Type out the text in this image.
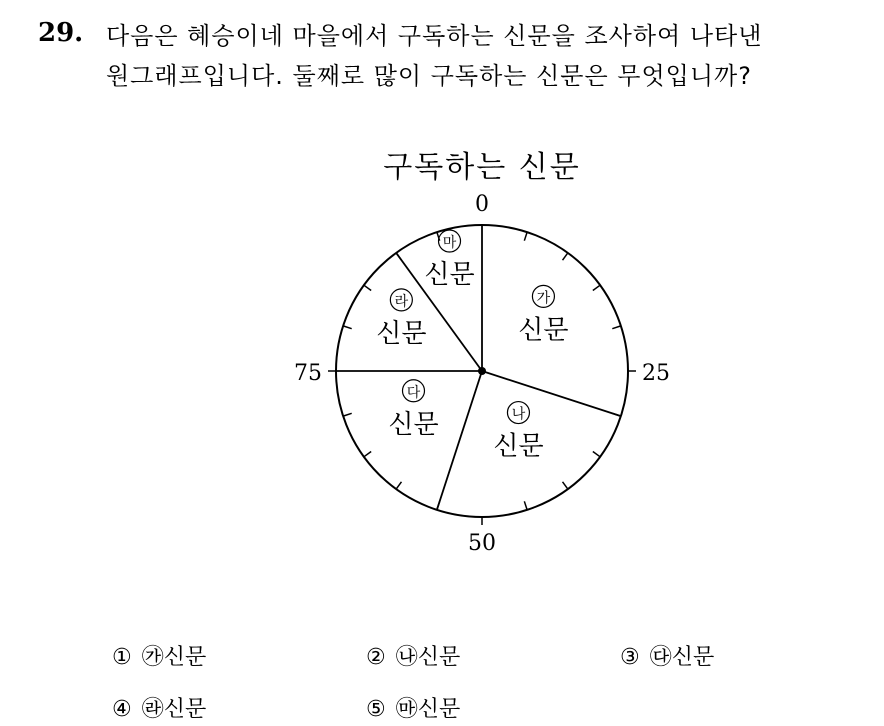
29. 다음은 혜승이네 마을에서 구독하는 신문을 조사하여 나타낸
원그래프입니다. 둘째로 많이 구독하는 신문은 무엇입니까?
구독하는 신문
0
25
50
75
가
신문
나
신문
다
신문
라
신문
마
신문
① ㉮신문	② ㉯신문	③ ㉰신문
④ ㉱신문	⑤ ㉲신문
